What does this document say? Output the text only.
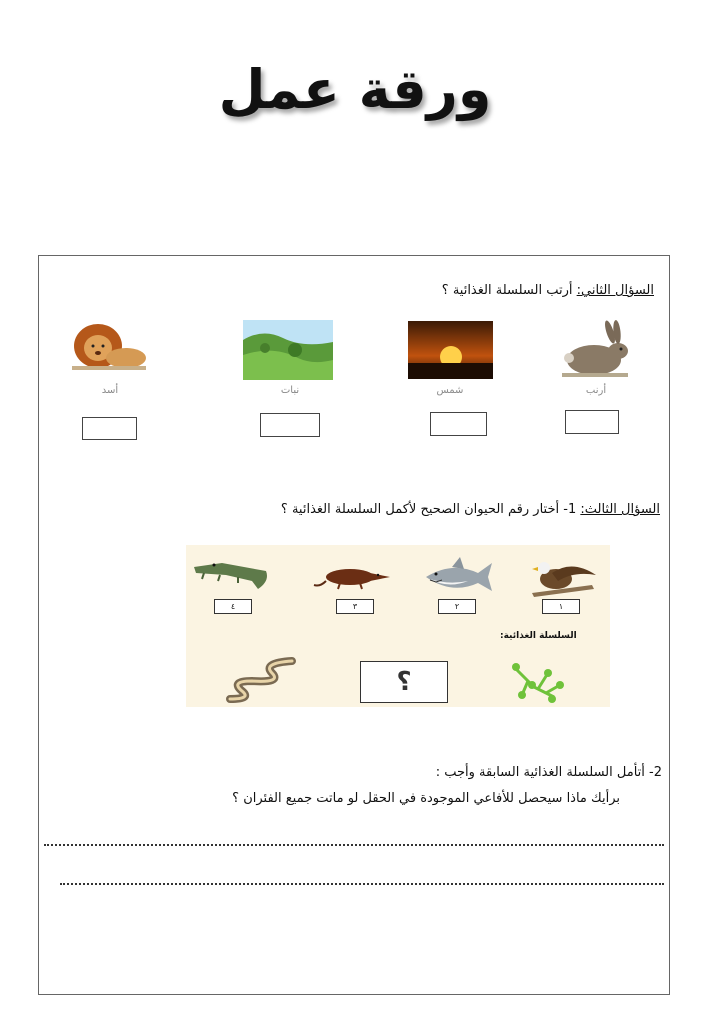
ورقة عمل
السؤال الثاني: أرتب السلسلة الغذائية ؟
أرنب
شمس
نبات
أسد
السؤال الثالث: 1- أختار رقم الحيوان الصحيح لأكمل السلسلة الغذائية ؟
١
٢
٣
٤
السلسلة الغذائية:
؟
2- أتأمل السلسلة الغذائية السابقة وأجب :
برأيك ماذا سيحصل للأفاعي الموجودة في الحقل لو ماتت جميع الفئران ؟
